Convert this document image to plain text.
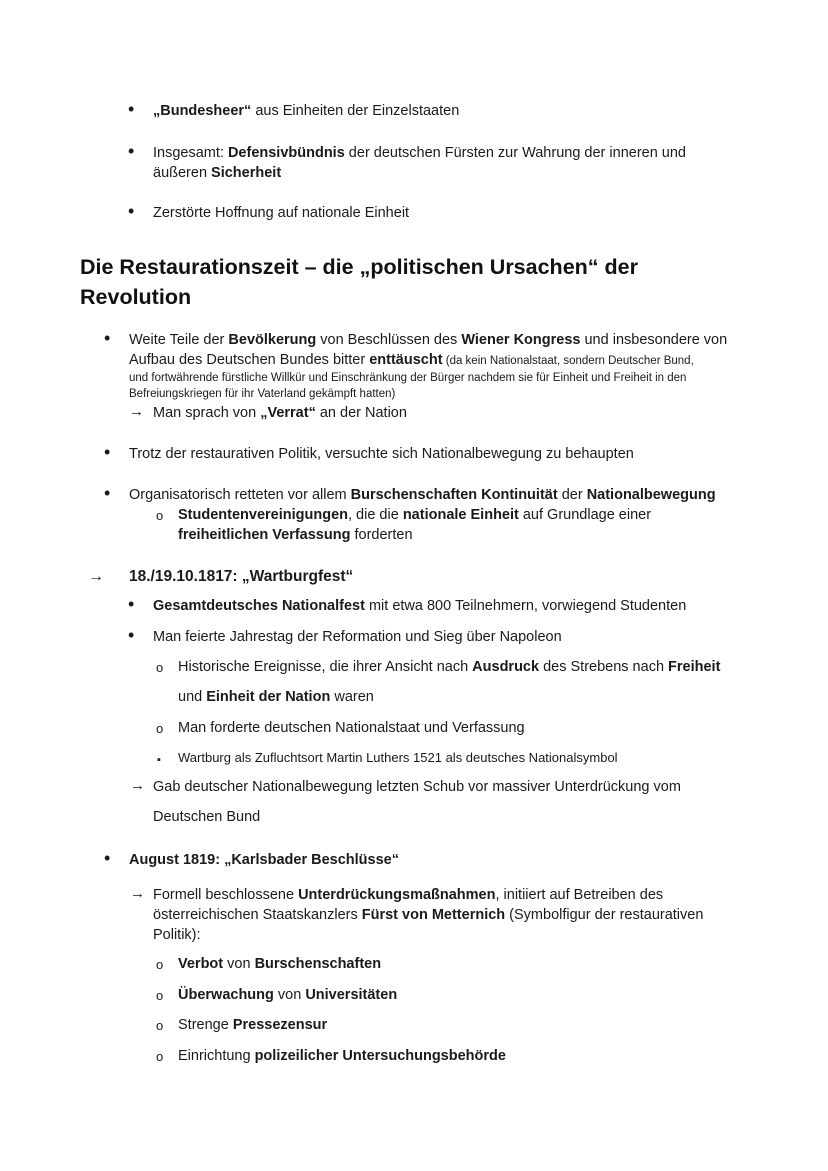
•
„Bundesheer“ aus Einheiten der Einzelstaaten
•
Insgesamt: Defensivbündnis der deutschen Fürsten zur Wahrung der inneren und
äußeren Sicherheit
•
Zerstörte Hoffnung auf nationale Einheit
Die Restaurationszeit – die „politischen Ursachen“ der
Revolution
•
Weite Teile der Bevölkerung von Beschlüssen des Wiener Kongress und insbesondere von
Aufbau des Deutschen Bundes bitter enttäuscht (da kein Nationalstaat, sondern Deutscher Bund,
und fortwährende fürstliche Willkür und Einschränkung der Bürger nachdem sie für Einheit und Freiheit in den
Befreiungskriegen für ihr Vaterland gekämpft hatten)
→
Man sprach von „Verrat“ an der Nation
•
Trotz der restaurativen Politik, versuchte sich Nationalbewegung zu behaupten
•
Organisatorisch retteten vor allem Burschenschaften Kontinuität der Nationalbewegung
o
Studentenvereinigungen, die die nationale Einheit auf Grundlage einer
freiheitlichen Verfassung forderten
→
18./19.10.1817: „Wartburgfest“
•
Gesamtdeutsches Nationalfest mit etwa 800 Teilnehmern, vorwiegend Studenten
•
Man feierte Jahrestag der Reformation und Sieg über Napoleon
o
Historische Ereignisse, die ihrer Ansicht nach Ausdruck des Strebens nach Freiheit
und Einheit der Nation waren
o
Man forderte deutschen Nationalstaat und Verfassung
▪
Wartburg als Zufluchtsort Martin Luthers 1521 als deutsches Nationalsymbol
→
Gab deutscher Nationalbewegung letzten Schub vor massiver Unterdrückung vom
Deutschen Bund
•
August 1819: „Karlsbader Beschlüsse“
→
Formell beschlossene Unterdrückungsmaßnahmen, initiiert auf Betreiben des
österreichischen Staatskanzlers Fürst von Metternich (Symbolfigur der restaurativen
Politik):
o
Verbot von Burschenschaften
o
Überwachung von Universitäten
o
Strenge Pressezensur
o
Einrichtung polizeilicher Untersuchungsbehörde
